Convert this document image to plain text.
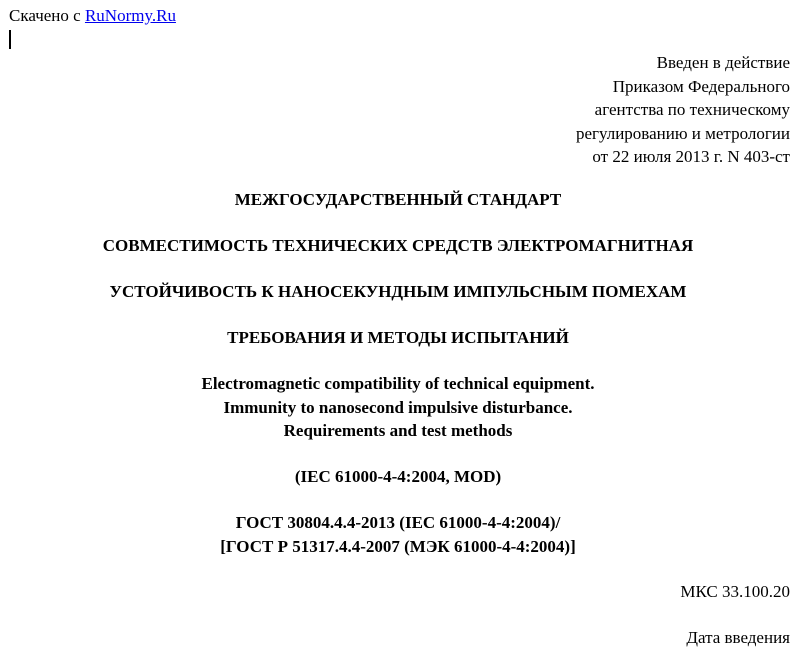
Скачено с RuNormy.Ru
Введен в действие
Приказом Федерального
агентства по техническому
регулированию и метрологии
от 22 июля 2013 г. N 403-ст
МЕЖГОСУДАРСТВЕННЫЙ СТАНДАРТ
СОВМЕСТИМОСТЬ ТЕХНИЧЕСКИХ СРЕДСТВ ЭЛЕКТРОМАГНИТНАЯ
УСТОЙЧИВОСТЬ К НАНОСЕКУНДНЫМ ИМПУЛЬСНЫМ ПОМЕХАМ
ТРЕБОВАНИЯ И МЕТОДЫ ИСПЫТАНИЙ
Electromagnetic compatibility of technical equipment.
Immunity to nanosecond impulsive disturbance.
Requirements and test methods
(IEC 61000-4-4:2004, MOD)
ГОСТ 30804.4.4-2013 (IEC 61000-4-4:2004)/
[ГОСТ Р 51317.4.4-2007 (МЭК 61000-4-4:2004)]
МКС 33.100.20
Дата введения
